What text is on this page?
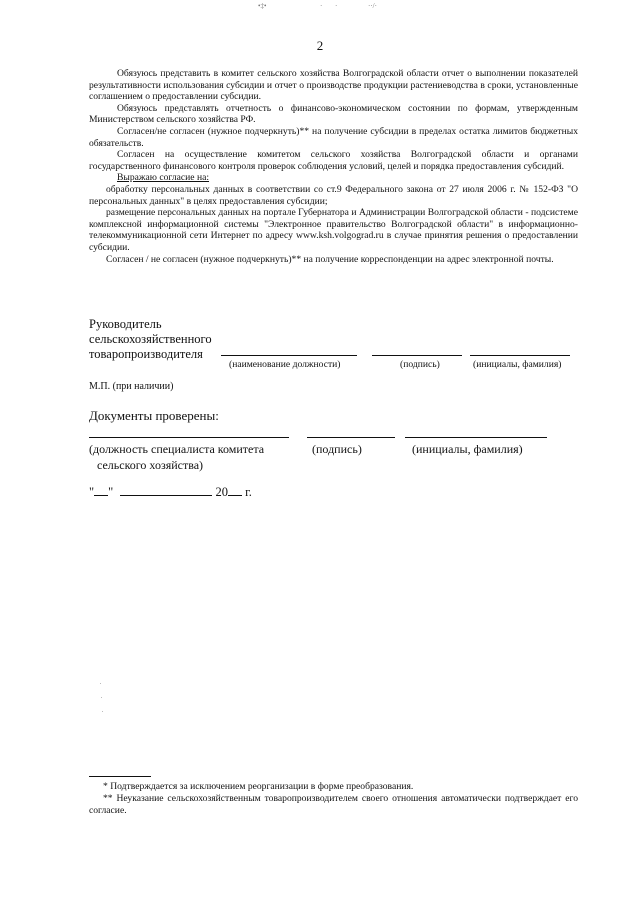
•‡•	· ·	··/·
2

Обязуюсь представить в комитет сельского хозяйства Волгоградской области отчет о выполнении показателей результативности использования субсидии и отчет о производстве продукции растениеводства в сроки, установленные соглашением о предоставлении субсидии.

Обязуюсь представлять отчетность о финансово-экономическом состоянии по формам, утвержденным Министерством сельского хозяйства РФ.

Согласен/не согласен (нужное подчеркнуть)** на получение субсидии в пределах остатка лимитов бюджетных обязательств.

Согласен на осуществление комитетом сельского хозяйства Волгоградской области и органами государственного финансового контроля проверок соблюдения условий, целей и порядка предоставления субсидий.

Выражаю согласие на:

обработку персональных данных в соответствии со ст.9 Федерального закона от 27 июля 2006 г. № 152-ФЗ "О персональных данных" в целях предоставления субсидии;

размещение персональных данных на портале Губернатора и Администрации Волгоградской области - подсистеме комплексной информационной системы "Электронное правительство Волгоградской области" в информационно-телекоммуникационной сети Интернет по адресу www.ksh.volgograd.ru в случае принятия решения о предоставлении субсидии.

Согласен / не согласен (нужное подчеркнуть)** на получение корреспонденции на адрес электронной почты.

Руководитель
сельскохозяйственного
товаропроизводителя
(наименование должности)	(подпись)	(инициалы, фамилия)
М.П. (при наличии)
Документы проверены:
(должность специалиста комитета
сельского хозяйства)
(подпись)	(инициалы, фамилия)
" "	20 г.

* Подтверждается за исключением реорганизации в форме преобразования.

** Неуказание сельскохозяйственным товаропроизводителем своего отношения автоматически подтверждает его согласие.
